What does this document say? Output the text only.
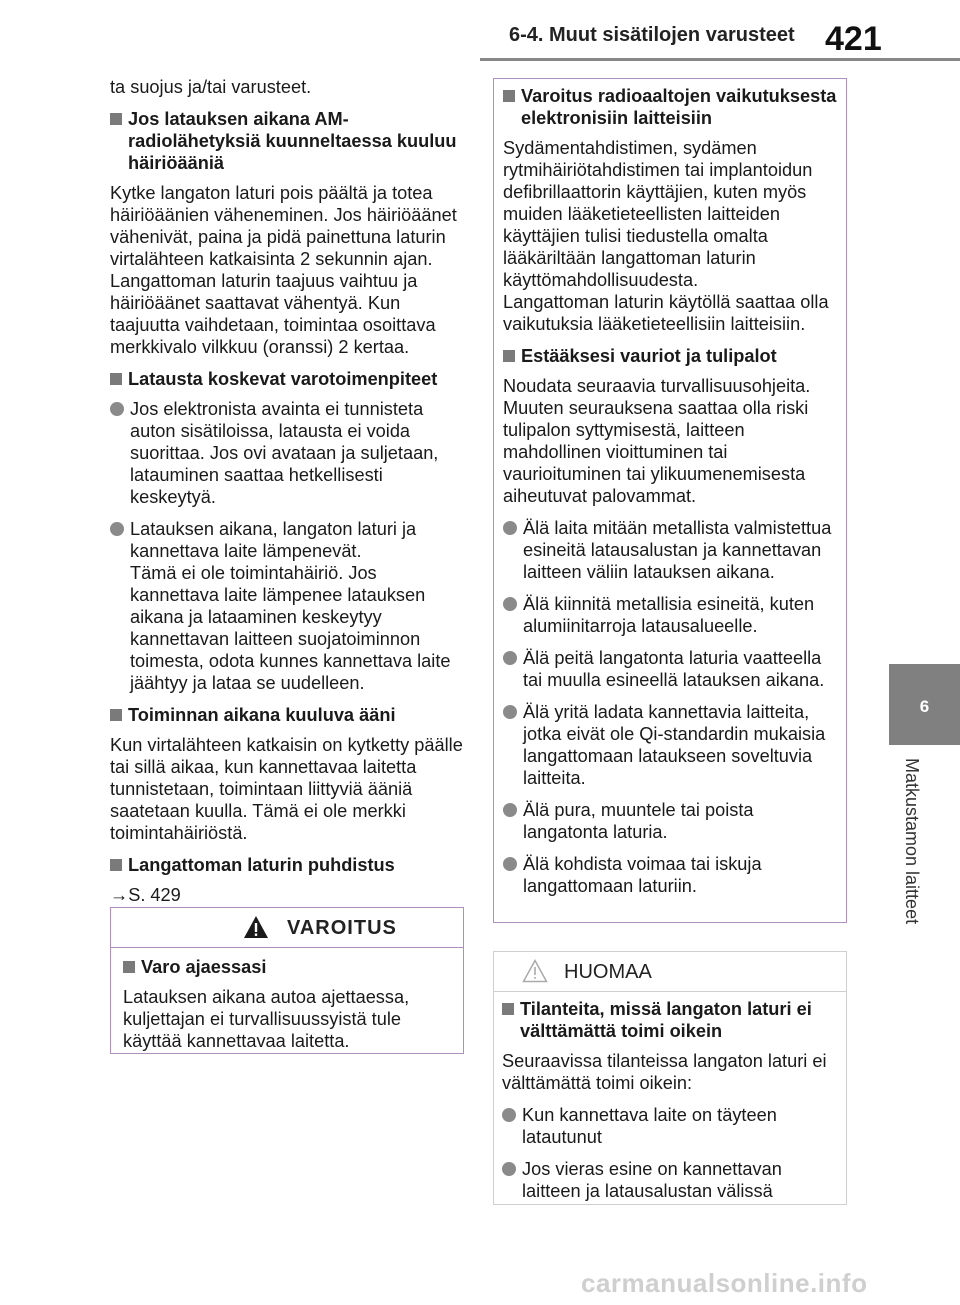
6-4. Muut sisätilojen varusteet 421
6
Matkustamon laitteet

ta suojus ja/tai varusteet.

Jos latauksen aikana AM-radiolähetyksiä kuunneltaessa kuuluu häiriöääniä

Kytke langaton laturi pois päältä ja totea häiriöäänien väheneminen. Jos häiriöäänet vähenivät, paina ja pidä painettuna laturin virtalähteen katkaisinta 2 sekunnin ajan. Langattoman laturin taajuus vaihtuu ja häiriöäänet saattavat vähentyä. Kun taajuutta vaihdetaan, toimintaa osoittava merkkivalo vilkkuu (oranssi) 2 kertaa.

Latausta koskevat varotoimenpiteet
Jos elektronista avainta ei tunnisteta auton sisätiloissa, latausta ei voida suorittaa. Jos ovi avataan ja suljetaan, latauminen saattaa hetkellisesti keskeytyä.
Latauksen aikana, langaton laturi ja kannettava laite lämpenevät.
Tämä ei ole toimintahäiriö. Jos kannettava laite lämpenee latauksen aikana ja lataaminen keskeytyy kannettavan laitteen suojatoiminnon toimesta, odota kunnes kannettava laite jäähtyy ja lataa se uudelleen.
Toiminnan aikana kuuluva ääni

Kun virtalähteen katkaisin on kytketty päälle tai sillä aikaa, kun kannettavaa laitetta tunnistetaan, toimintaan liittyviä ääniä saatetaan kuulla. Tämä ei ole merkki toimintahäiriöstä.

Langattoman laturin puhdistus

→S. 429

VAROITUS
Varo ajaessasi

Latauksen aikana autoa ajettaessa, kuljettajan ei turvallisuussyistä tule käyttää kannettavaa laitetta.

Varoitus radioaaltojen vaikutuksesta elektronisiin laitteisiin

Sydämentahdistimen, sydämen rytmihäiriötahdistimen tai implantoidun defibrillaattorin käyttäjien, kuten myös muiden lääketieteellisten laitteiden käyttäjien tulisi tiedustella omalta lääkäriltään langattoman laturin käyttömahdollisuudesta.

Langattoman laturin käytöllä saattaa olla vaikutuksia lääketieteellisiin laitteisiin.

Estääksesi vauriot ja tulipalot

Noudata seuraavia turvallisuusohjeita. Muuten seurauksena saattaa olla riski tulipalon syttymisestä, laitteen mahdollinen vioittuminen tai vaurioituminen tai ylikuumenemisesta aiheutuvat palovammat.

Älä laita mitään metallista valmistettua esineitä latausalustan ja kannettavan laitteen väliin latauksen aikana.
Älä kiinnitä metallisia esineitä, kuten alumiinitarroja latausalueelle.
Älä peitä langatonta laturia vaatteella tai muulla esineellä latauksen aikana.
Älä yritä ladata kannettavia laitteita, jotka eivät ole Qi-standardin mukaisia langattomaan lataukseen soveltuvia laitteita.
Älä pura, muuntele tai poista langatonta laturia.
Älä kohdista voimaa tai iskuja langattomaan laturiin.
HUOMAA
Tilanteita, missä langaton laturi ei välttämättä toimi oikein

Seuraavissa tilanteissa langaton laturi ei välttämättä toimi oikein:

Kun kannettava laite on täyteen latautunut
Jos vieras esine on kannettavan laitteen ja latausalustan välissä
carmanualsonline.info
